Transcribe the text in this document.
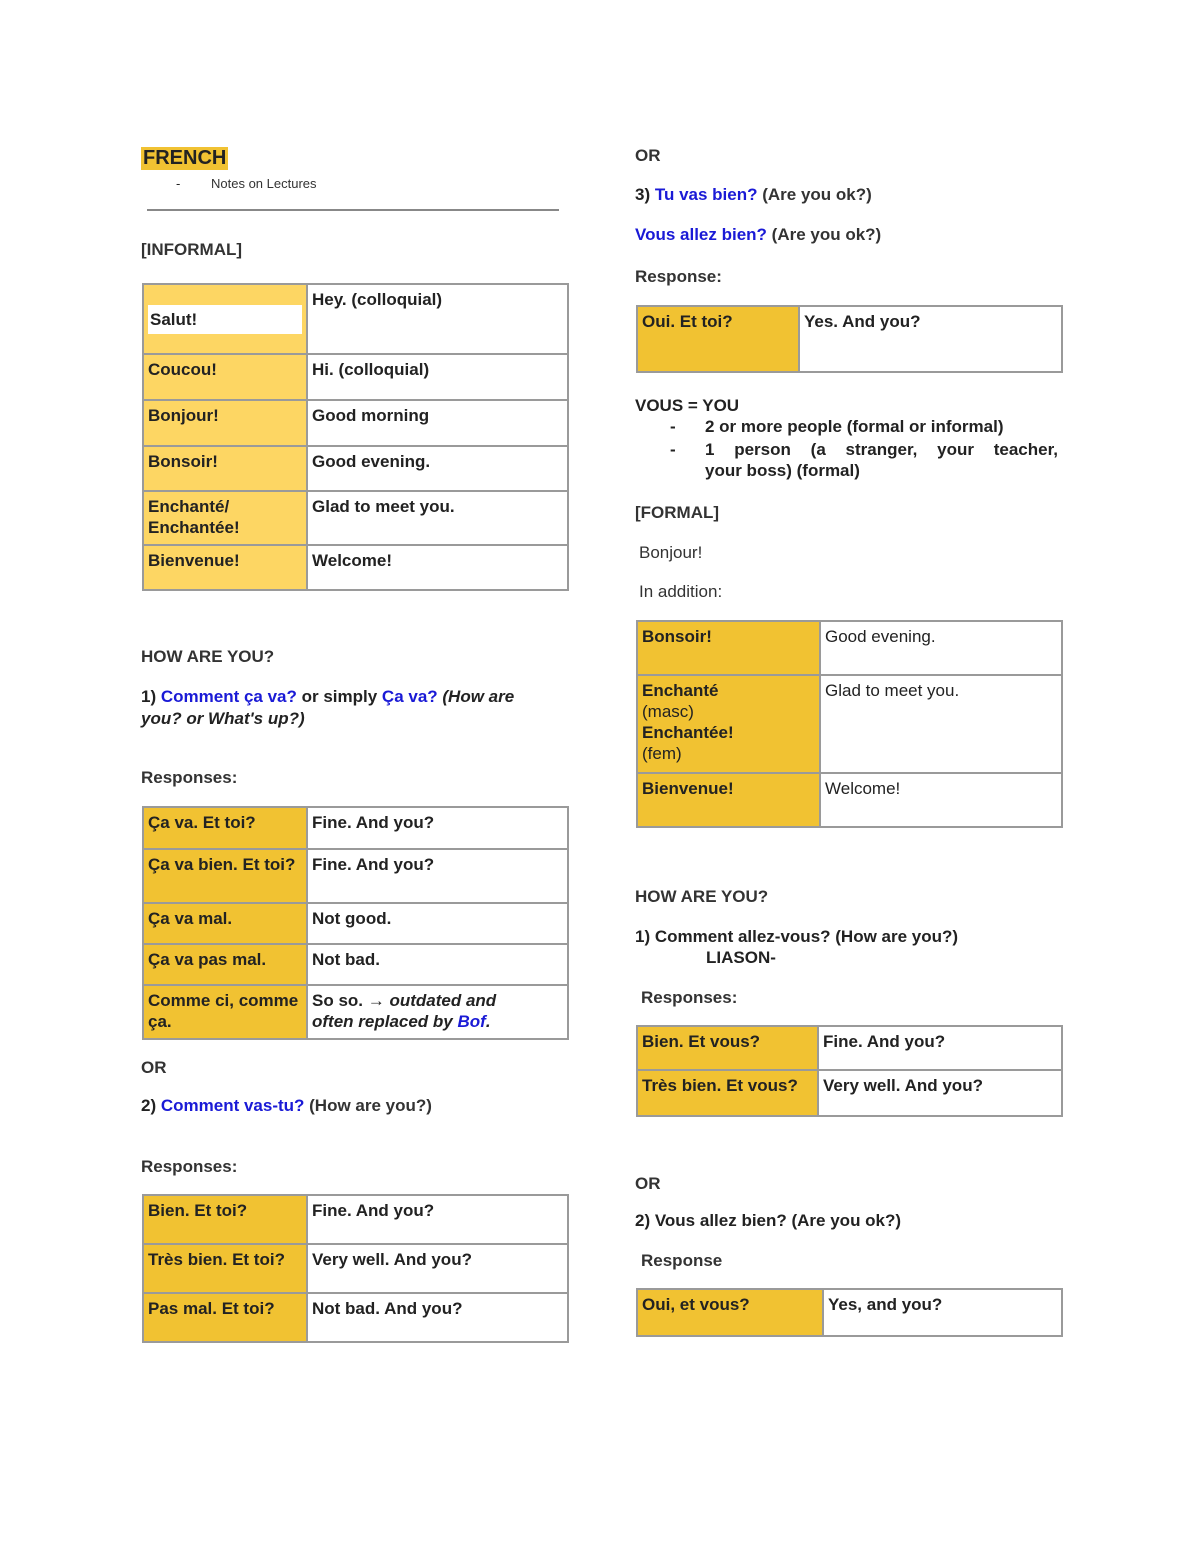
FRENCH
- Notes on Lectures
[INFORMAL]
Salut!	Hey. (colloquial)
Coucou!	Hi. (colloquial)
Bonjour!	Good morning
Bonsoir!	Good evening.
Enchanté/ Enchantée!	Glad to meet you.
Bienvenue!	Welcome!
HOW ARE YOU?
1) Comment ça va? or simply Ça va? (How are
you? or What's up?)
Responses:
Ça va. Et toi?	Fine. And you?
Ça va bien. Et toi?	Fine. And you?
Ça va mal.	Not good.
Ça va pas mal.	Not bad.
Comme ci, comme ça.	So so. → outdated and
often replaced by Bof.
OR
2) Comment vas-tu? (How are you?)
Responses:
Bien. Et toi?	Fine. And you?
Très bien. Et toi?	Very well. And you?
Pas mal. Et toi?	Not bad. And you?
OR
3) Tu vas bien? (Are you ok?)
Vous allez bien? (Are you ok?)
Response:
Oui. Et toi?	Yes. And you?
VOUS = YOU
- 2 or more people (formal or informal)
- 1 person (a stranger, your teacher,
your boss) (formal)
[FORMAL]
Bonjour!
In addition:
Bonsoir!	Good evening.

Enchanté
(masc)
Enchantée!
(fem)	Glad to meet you.
Bienvenue!	Welcome!
HOW ARE YOU?
1) Comment allez-vous? (How are you?)
LIASON-
Responses:
Bien. Et vous?	Fine. And you?
Très bien. Et vous?	Very well. And you?
OR
2) Vous allez bien? (Are you ok?)
Response
Oui, et vous?	Yes, and you?
